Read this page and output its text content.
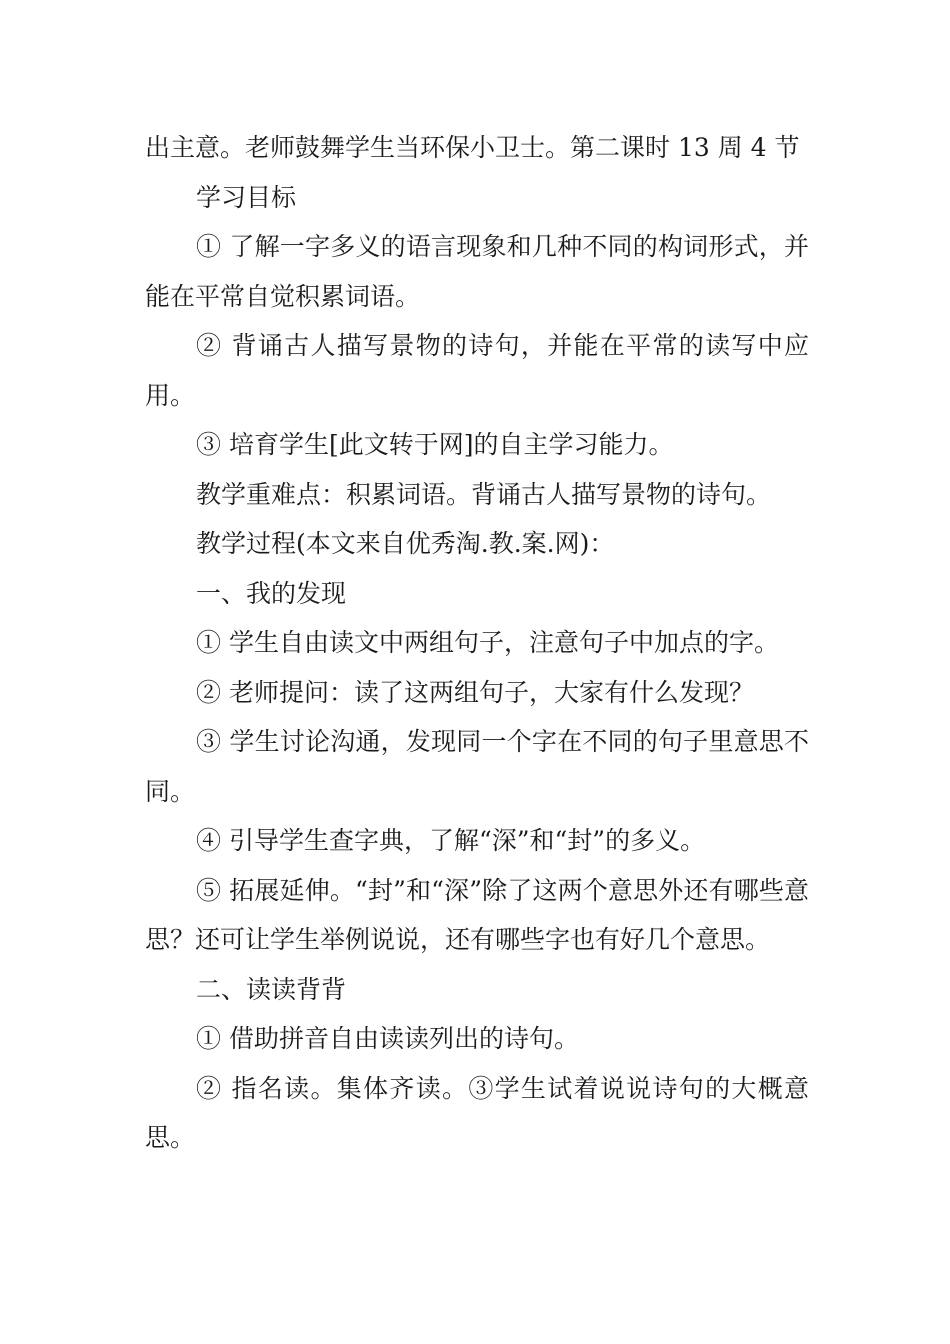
出主意。老师鼓舞学生当环保小卫士。第二课时 13 周 4 节

学习目标

① 了解一字多义的语言现象和几种不同的构词形式，并能在平常自觉积累词语。

② 背诵古人描写景物的诗句，并能在平常的读写中应用。

③ 培育学生[此文转于网]的自主学习能力。

教学重难点：积累词语。背诵古人描写景物的诗句。

教学过程(本文来自优秀淘.教.案.网)：

一、我的发现

① 学生自由读文中两组句子，注意句子中加点的字。

② 老师提问：读了这两组句子，大家有什么发现？

③ 学生讨论沟通，发现同一个字在不同的句子里意思不同。

④ 引导学生查字典，了解“深”和“封”的多义。

⑤ 拓展延伸。“封”和“深”除了这两个意思外还有哪些意思？还可让学生举例说说，还有哪些字也有好几个意思。

二、读读背背

① 借助拼音自由读读列出的诗句。

② 指名读。集体齐读。③学生试着说说诗句的大概意思。
